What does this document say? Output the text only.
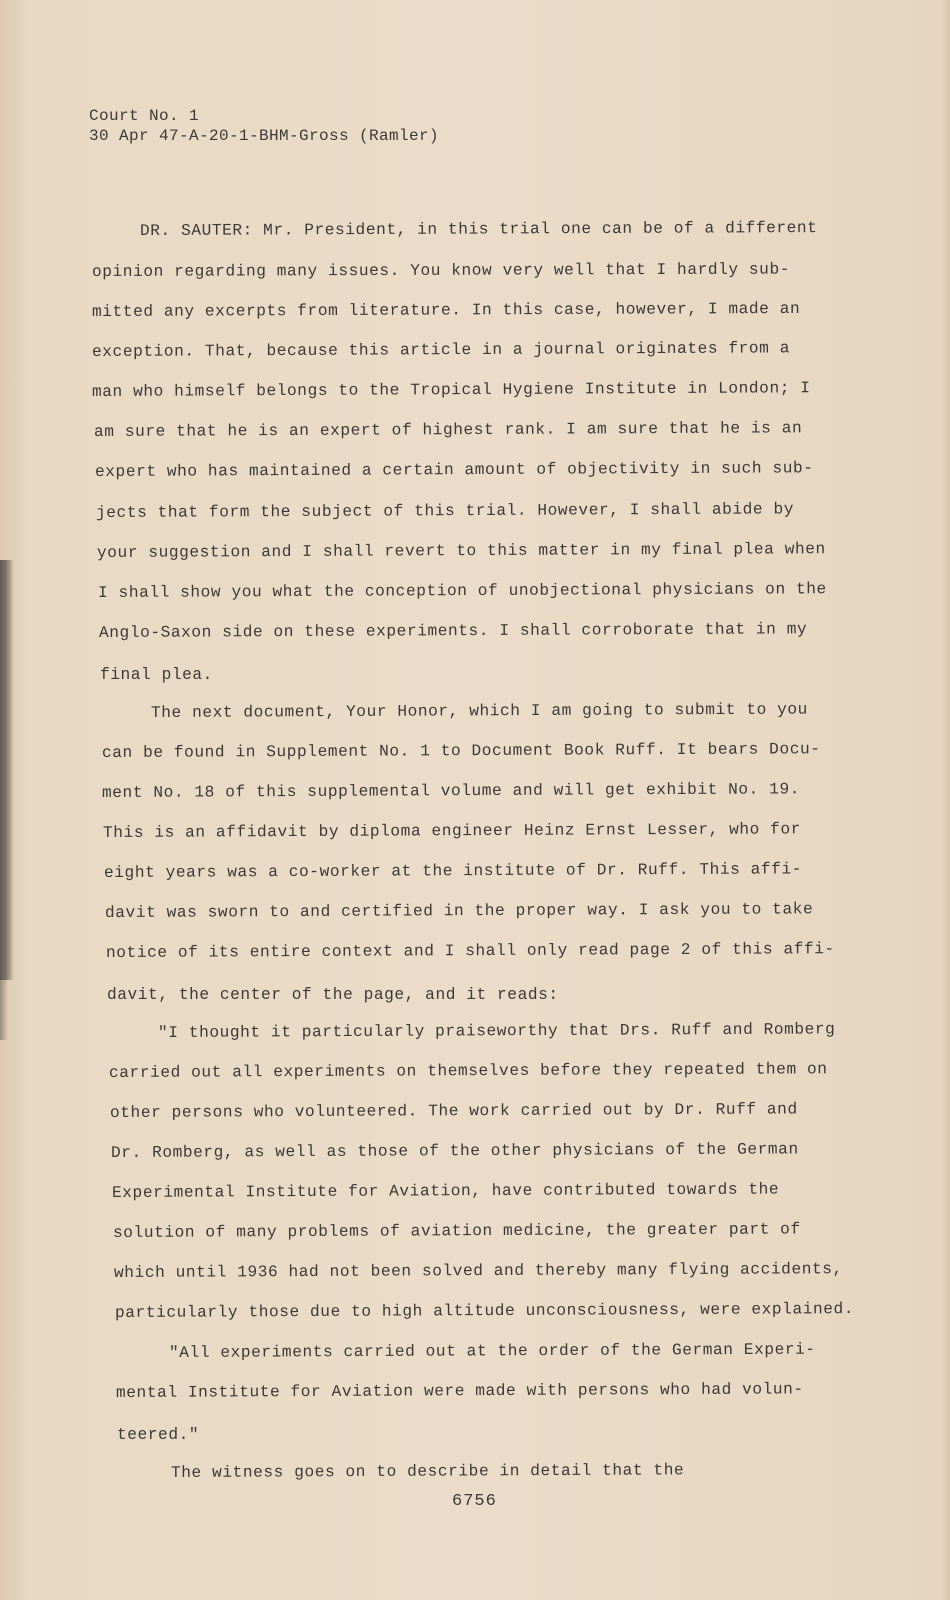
Court No. 1
30 Apr 47-A-20-1-BHM-Gross (Ramler)
DR. SAUTER: Mr. President, in this trial one can be of a different
opinion regarding many issues. You know very well that I hardly sub-
mitted any excerpts from literature. In this case, however, I made an
exception. That, because this article in a journal originates from a
man who himself belongs to the Tropical Hygiene Institute in London; I
am sure that he is an expert of highest rank. I am sure that he is an
expert who has maintained a certain amount of objectivity in such sub-
jects that form the subject of this trial. However, I shall abide by
your suggestion and I shall revert to this matter in my final plea when
I shall show you what the conception of unobjectional physicians on the
Anglo-Saxon side on these experiments. I shall corroborate that in my
final plea.
The next document, Your Honor, which I am going to submit to you
can be found in Supplement No. 1 to Document Book Ruff. It bears Docu-
ment No. 18 of this supplemental volume and will get exhibit No. 19.
This is an affidavit by diploma engineer Heinz Ernst Lesser, who for
eight years was a co-worker at the institute of Dr. Ruff. This affi-
davit was sworn to and certified in the proper way. I ask you to take
notice of its entire context and I shall only read page 2 of this affi-
davit, the center of the page, and it reads:
"I thought it particularly praiseworthy that Drs. Ruff and Romberg
carried out all experiments on themselves before they repeated them on
other persons who volunteered. The work carried out by Dr. Ruff and
Dr. Romberg, as well as those of the other physicians of the German
Experimental Institute for Aviation, have contributed towards the
solution of many problems of aviation medicine, the greater part of
which until 1936 had not been solved and thereby many flying accidents,
particularly those due to high altitude unconsciousness, were explained.
"All experiments carried out at the order of the German Experi-
mental Institute for Aviation were made with persons who had volun-
teered."
The witness goes on to describe in detail that the
6756
